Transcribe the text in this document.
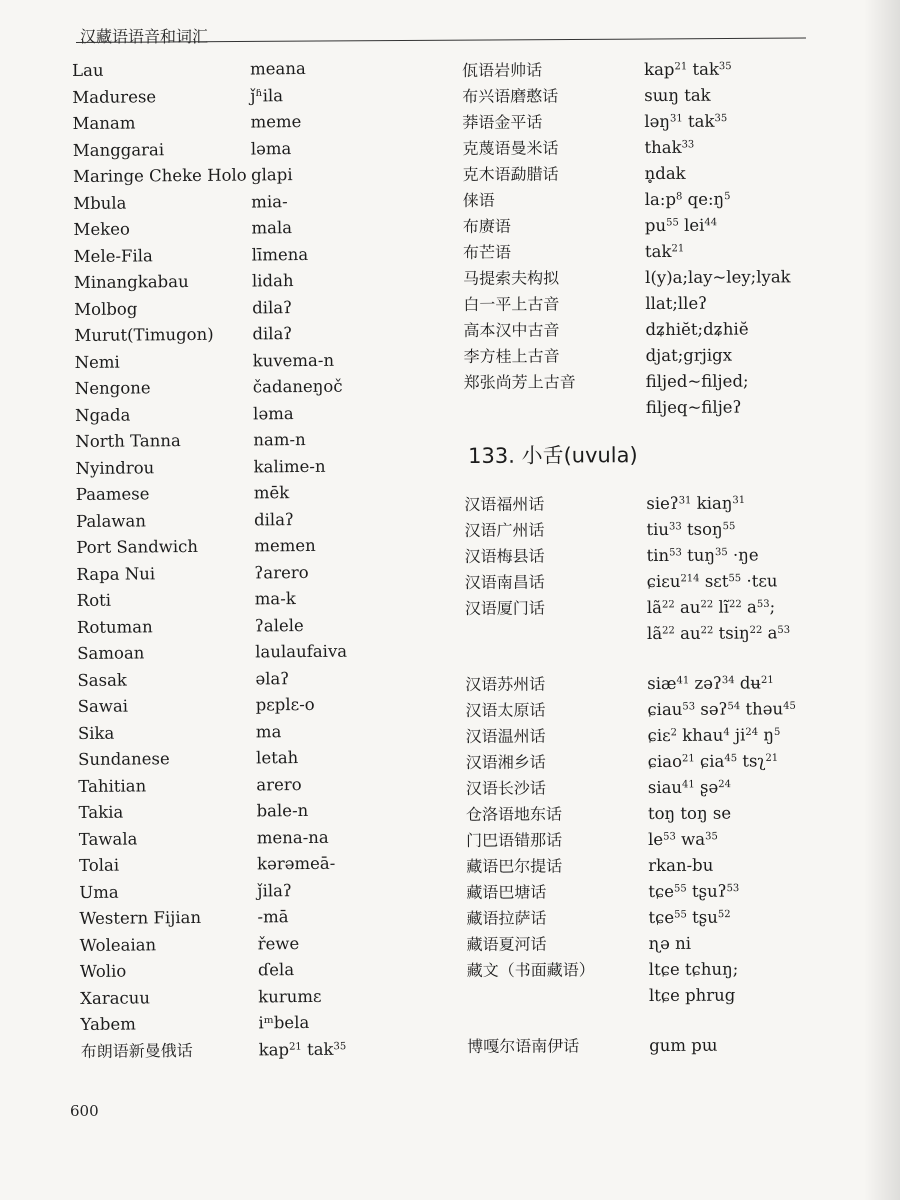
汉藏语语音和词汇
Lau	meana
Madurese	ǰʱila
Manam	meme
Manggarai	ləma
Maringe Cheke Holo glapi
Mbula	mia-
Mekeo	mala
Mele-Fila	līmena
Minangkabau	lidah
Molbog	dilaʔ
Murut(Timugon)	dilaʔ
Nemi	kuvema-n
Nengone	čadaneŋoč
Ngada	ləma
North Tanna	nam-n
Nyindrou	kalime-n
Paamese	mēk
Palawan	dilaʔ
Port Sandwich	memen
Rapa Nui	ʔarero
Roti	ma-k
Rotuman	ʔalele
Samoan	laulaufaiva
Sasak	əlaʔ
Sawai	pɛplɛ-o
Sika	ma
Sundanese	letah
Tahitian	arero
Takia	bale-n
Tawala	mena-na
Tolai	kərəmeā-
Uma	ǰilaʔ
Western Fijian	-mā
Woleaian	řewe
Wolio	ɗela
Xaracuu	kurumɛ
Yabem	iᵐbela
布朗语新曼俄话	kap$^{21}$ tak$^{35}$
佤语岩帅话	kap$^{21}$ tak$^{35}$
布兴语磨憨话	sɯŋ tak
莽语金平话	ləŋ$^{31}$ tak$^{35}$
克蔑语曼米话	thak$^{33}$
克木语勐腊话	n̥dak
俫语	$la:p^8$ $qe:ŋ^5$
布赓语	$pu^{55}$ lei$^{44}$
布芒语	tak$^{21}$
马提索夫构拟	l(y)a;lay~ley;lyak
白一平上古音	llat;lleʔ
高本汉中古音	dʑhiĕt;dʑhiĕ
李方桂上古音	djat;grjigx
郑张尚芳上古音	filjed~filjed;
filjeq~filjeʔ
133. 小舌(uvula)
汉语福州话	sieʔ$^{31}$ kiaŋ$^{31}$
汉语广州话	tiu$^{33}$ tsoŋ$^{55}$
汉语梅县话	tin$^{53}$ tuŋ$^{35}$ ·ŋe
汉语南昌话	ɕiɛu$^{214}$ sɛt$^{55}$ ·tɛu
汉语厦门话	$lã^{22}$ $au^{22}$ $lĩ^{22}$ $a^{53}$;
$lã^{22}$ $au^{22}$ tsiŋ$^{22}$ $a^{53}$
汉语苏州话	siæ$^{41}$ zəʔ$^{34}$ dʉ$^{21}$
汉语太原话	ɕiau$^{53}$ səʔ$^{54}$ thəu$^{45}$
汉语温州话	ɕiɛ$^2$ khau$^4$ $ji^{24}$ $ŋ^5$
汉语湘乡话	ɕiao$^{21}$ ɕia$^{45}$ tsʅ$^{21}$
汉语长沙话	siau$^{41}$ ʂə$^{24}$
仓洛语地东话	toŋ toŋ se
门巴语错那话	$le^{53}$ $wa^{35}$
藏语巴尔提话	rkan-bu
藏语巴塘话	tɕe$^{55}$ tʂuʔ$^{53}$
藏语拉萨话	tɕe$^{55}$ tʂu$^{52}$
藏语夏河话	ɳə ni
藏文（书面藏语）	ltɕe tɕhuŋ;
ltɕe phrug
博嘎尔语南伊话	gum pɯ
600
